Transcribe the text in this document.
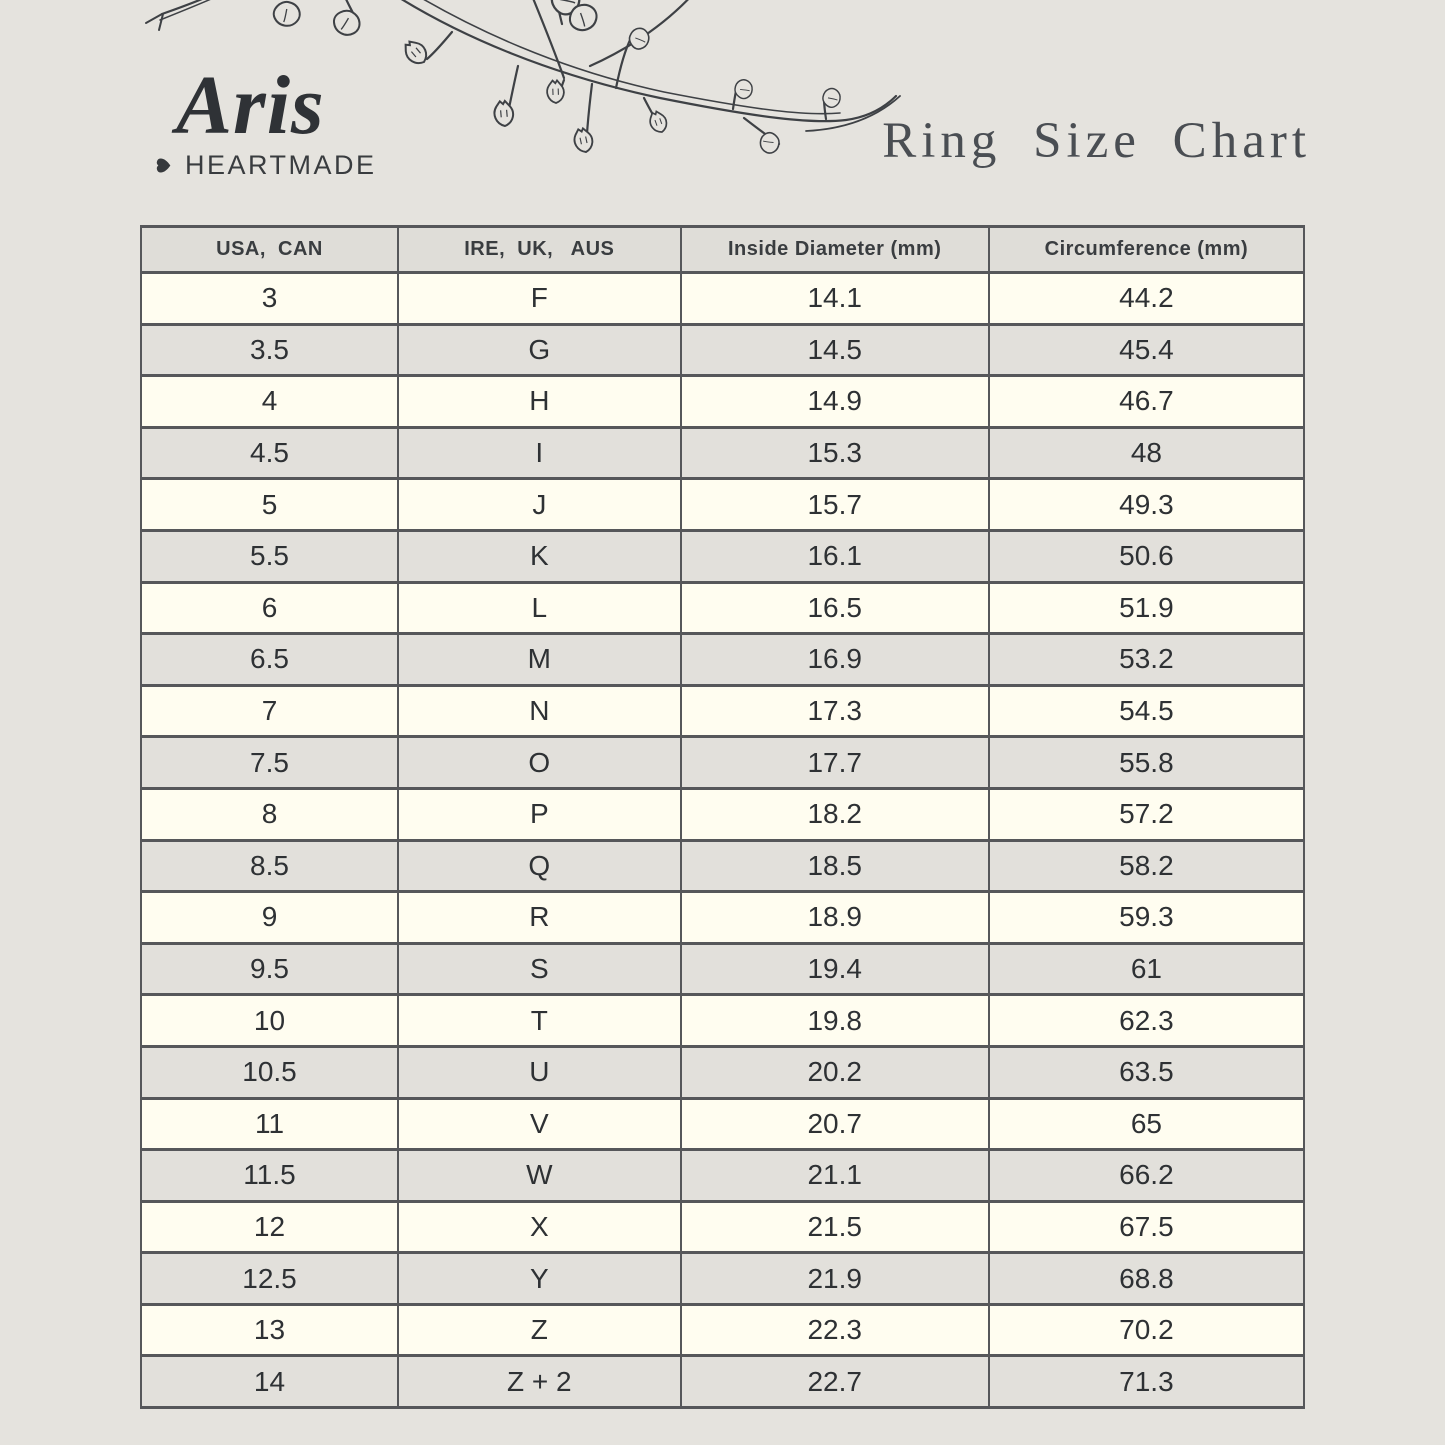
Aris
HEARTMADE	Ring Size Chart
USA,  CAN	IRE,  UK,   AUS	Inside Diameter (mm)	Circumference (mm)
3	F	14.1	44.2
3.5	G	14.5	45.4
4	H	14.9	46.7
4.5	I	15.3	48
5	J	15.7	49.3
5.5	K	16.1	50.6
6	L	16.5	51.9
6.5	M	16.9	53.2
7	N	17.3	54.5
7.5	O	17.7	55.8
8	P	18.2	57.2
8.5	Q	18.5	58.2
9	R	18.9	59.3
9.5	S	19.4	61
10	T	19.8	62.3
10.5	U	20.2	63.5
11	V	20.7	65
11.5	W	21.1	66.2
12	X	21.5	67.5
12.5	Y	21.9	68.8
13	Z	22.3	70.2
14	Z + 2	22.7	71.3
